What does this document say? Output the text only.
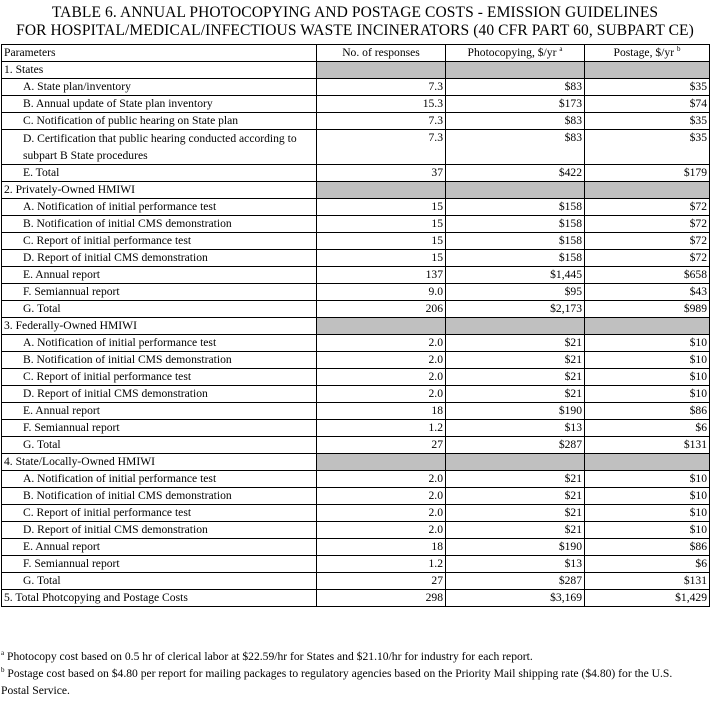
TABLE 6. ANNUAL PHOTOCOPYING AND POSTAGE COSTS - EMISSION GUIDELINES
FOR HOSPITAL/MEDICAL/INFECTIOUS WASTE INCINERATORS (40 CFR PART 60, SUBPART CE)
Parameters	No. of responses	Photocopying, $/yr $^a$	Postage, $/yr $^b$
1. States			
A. State plan/inventory	7.3	$83	$35
B. Annual update of State plan inventory	15.3	$173	$74
C. Notification of public hearing on State plan	7.3	$83	$35
D. Certification that public hearing conducted according to subpart B State procedures	7.3	$83	$35
E. Total	37	$422	$179
2. Privately-Owned HMIWI			
A. Notification of initial performance test	15	$158	$72
B. Notification of initial CMS demonstration	15	$158	$72
C. Report of initial performance test	15	$158	$72
D. Report of initial CMS demonstration	15	$158	$72
E. Annual report	137	$1,445	$658
F. Semiannual report	9.0	$95	$43
G. Total	206	$2,173	$989
3. Federally-Owned HMIWI			
A. Notification of initial performance test	2.0	$21	$10
B. Notification of initial CMS demonstration	2.0	$21	$10
C. Report of initial performance test	2.0	$21	$10
D. Report of initial CMS demonstration	2.0	$21	$10
E. Annual report	18	$190	$86
F. Semiannual report	1.2	$13	$6
G. Total	27	$287	$131
4. State/Locally-Owned HMIWI			
A. Notification of initial performance test	2.0	$21	$10
B. Notification of initial CMS demonstration	2.0	$21	$10
C. Report of initial performance test	2.0	$21	$10
D. Report of initial CMS demonstration	2.0	$21	$10
E. Annual report	18	$190	$86
F. Semiannual report	1.2	$13	$6
G. Total	27	$287	$131
5. Total Photcopying and Postage Costs	298	$3,169	$1,429
$^a$ Photocopy cost based on 0.5 hr of clerical labor at $22.59/hr for States and $21.10/hr for industry for each report.
$^b$ Postage cost based on $4.80 per report for mailing packages to regulatory agencies based on the Priority Mail shipping rate ($4.80) for the U.S. Postal Service.
